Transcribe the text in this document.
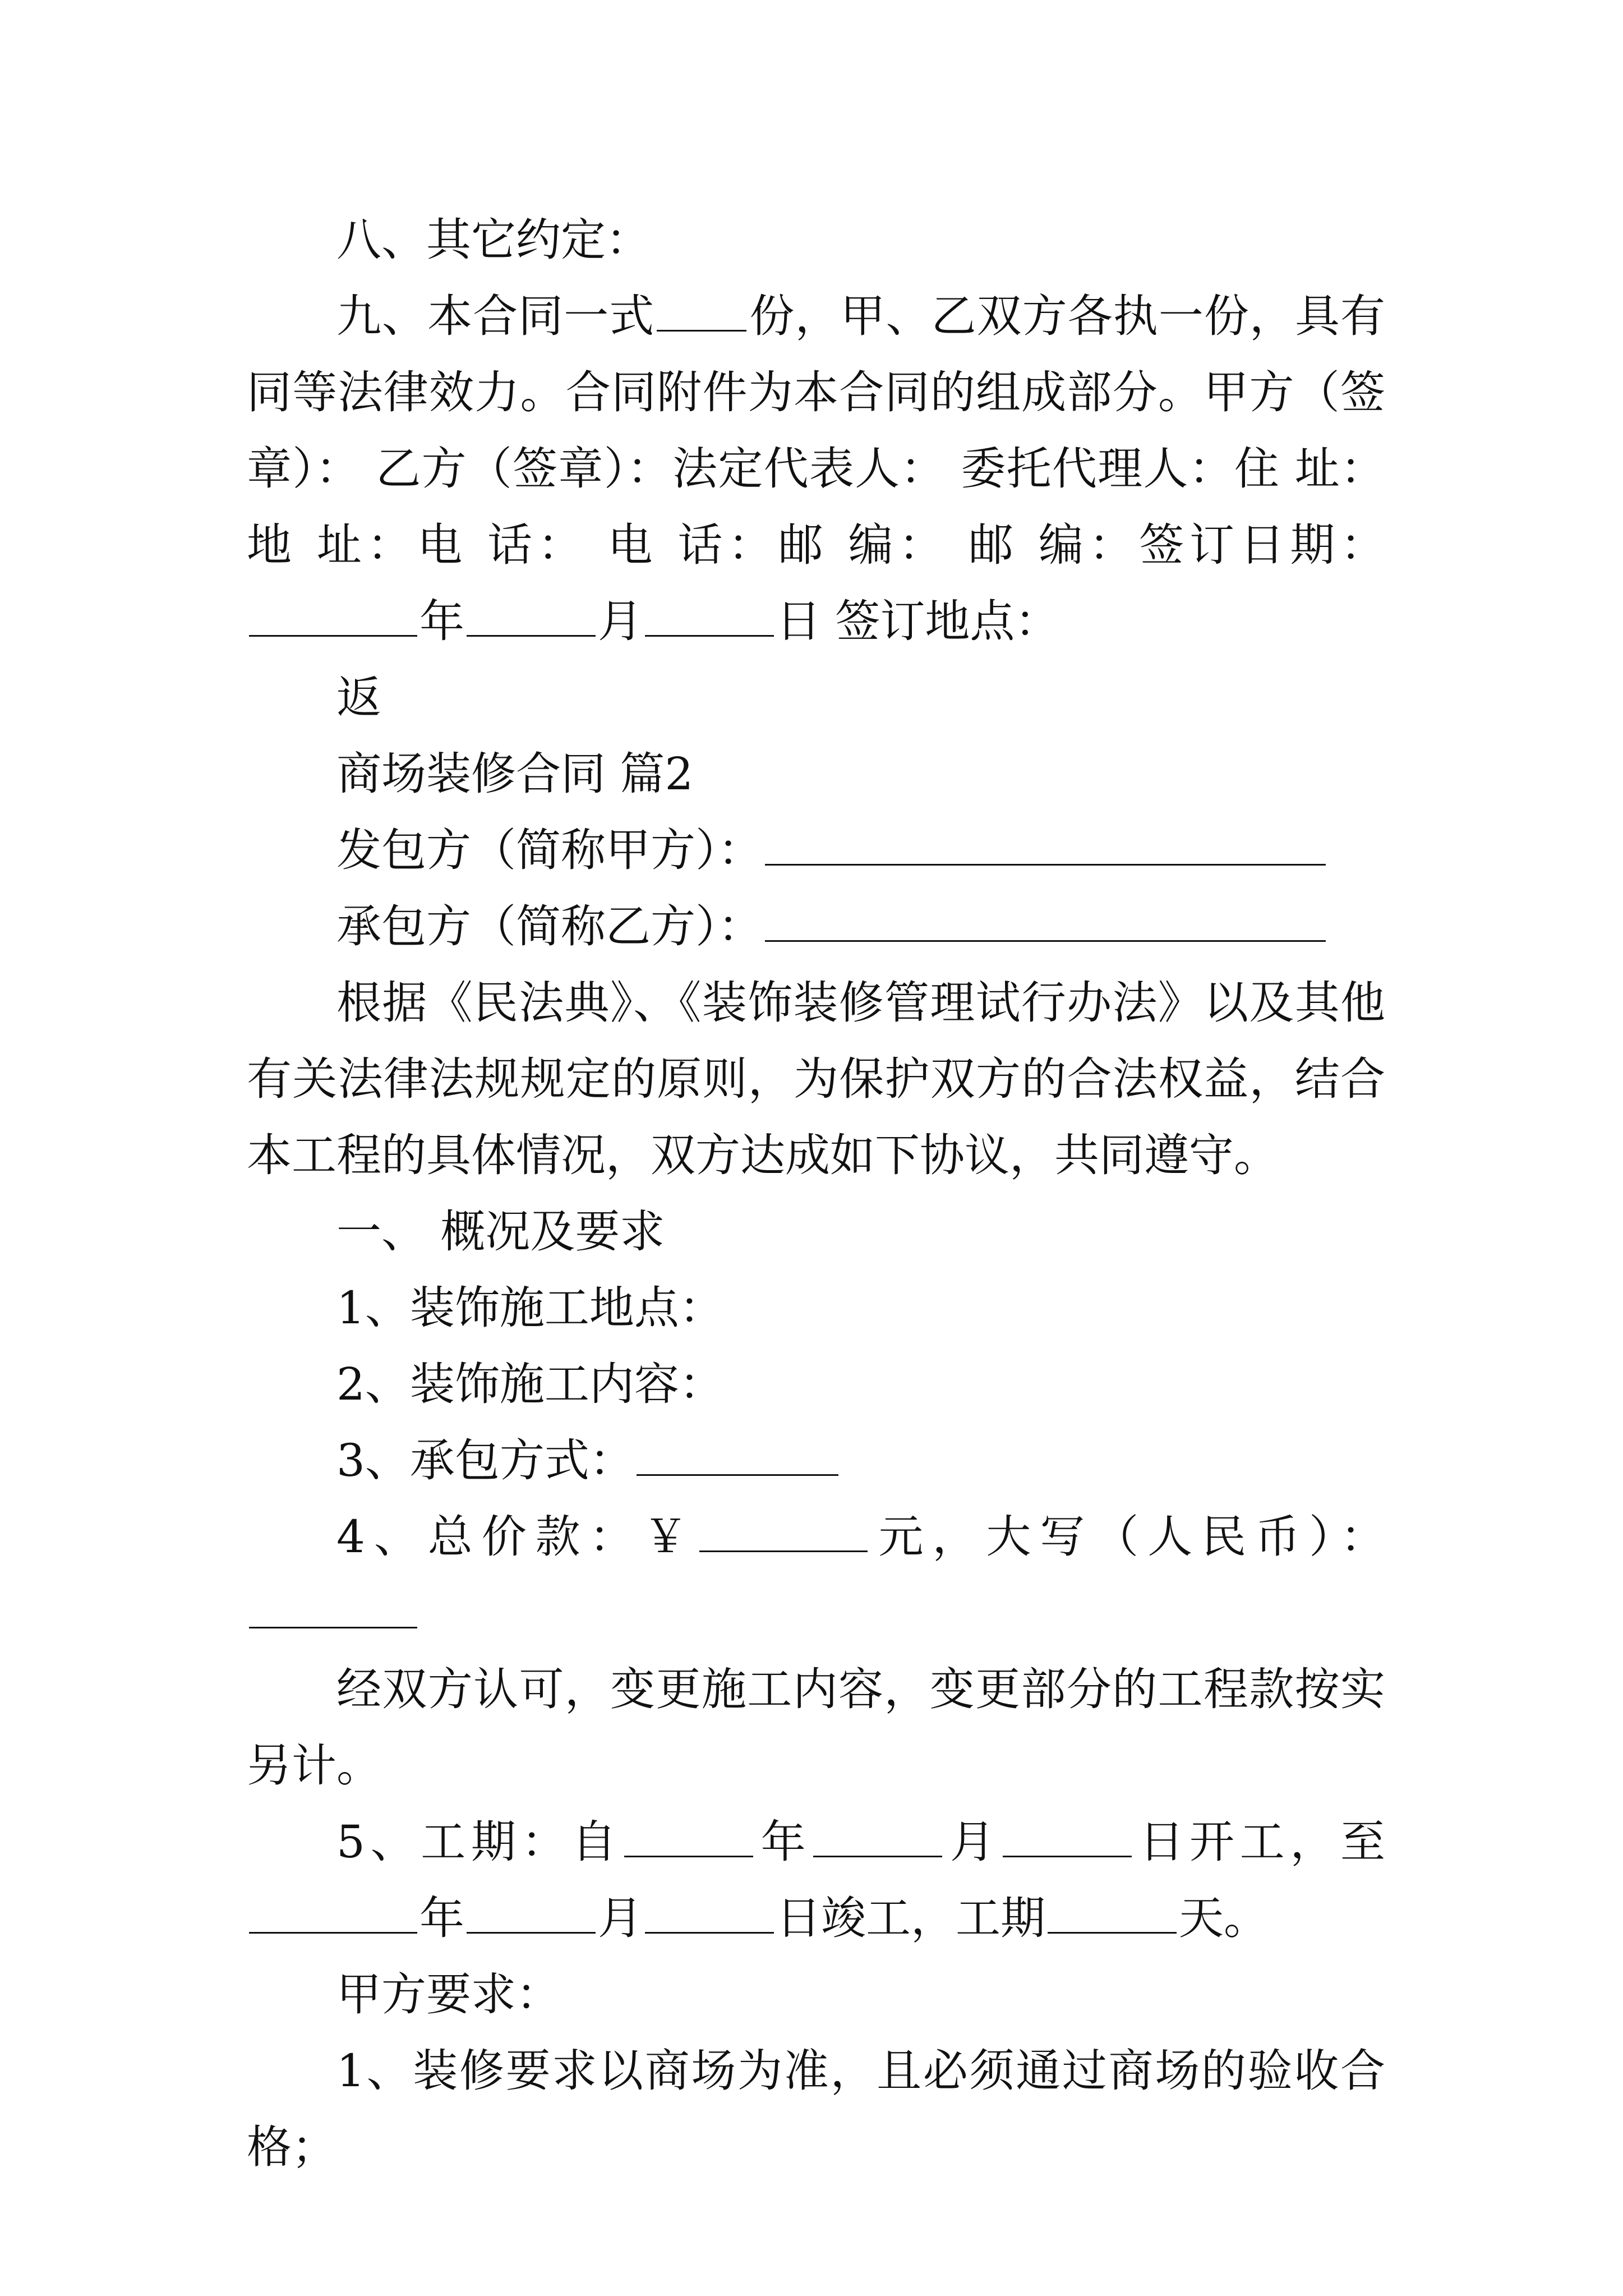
八、其它约定：

九、本合同一式 份，甲、乙双方各执一份，具有同等法律效力。合同附件为本合同的组成部分。甲方（签章）： 乙方（签章）：法定代表人： 委托代理人：住 址：地 址：电 话： 电 话：邮 编： 邮 编：签订日期：年	月	日 签订地点：

返

商场装修合同 篇2

发包方（简称甲方）：

承包方（简称乙方）：

根据《民法典》、《装饰装修管理试行办法》以及其他有关法律法规规定的原则，为保护双方的合法权益，结合本工程的具体情况，双方达成如下协议，共同遵守。

一、 概况及要求

1、装饰施工地点：

2、装饰施工内容：

3、承包方式：

4、总价款：￥	元，大写（人民币）：

经双方认可，变更施工内容，变更部分的工程款按实另计。

5、工期：自	年	月	日开工，至年	月	日竣工，工期	天。

甲方要求：

1、装修要求以商场为准，且必须通过商场的验收合格；
